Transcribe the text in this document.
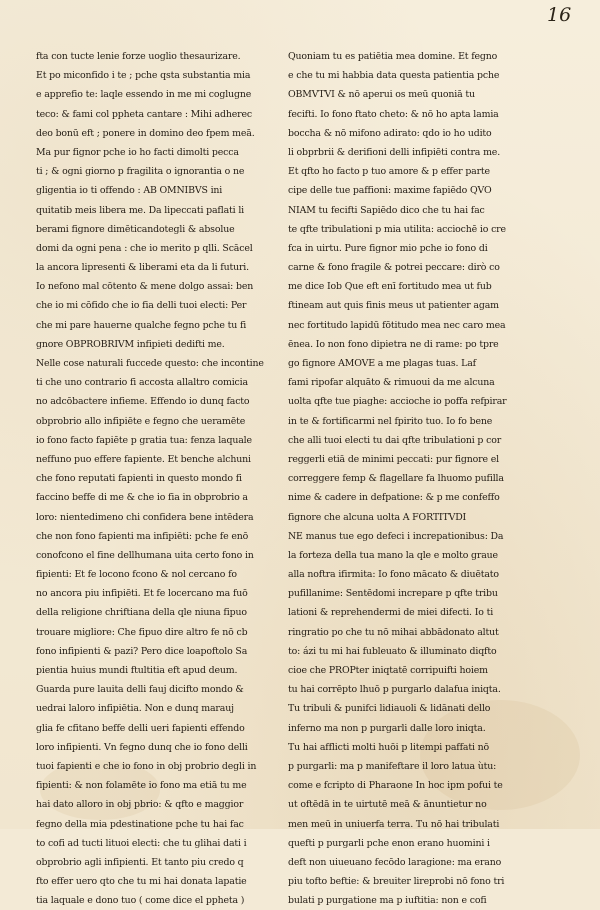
16
fta con tucte lenie forze uoglio thesaurizare.
Et po miconfido i te ; pche qsta substantia mia
e apprefio te: laqle essendo in me mi coglugne
teco: & fami col ppheta cantare : Mihi adherec
deo bonū eft ; ponere in domino deo fpem meā.
Ma pur fignor pche io ho facti dimolti pecca
ti ; & ogni giorno p fragilita o ignorantia o ne
gligentia io ti offendo : AB OMNIBVS ini
quitatib meis libera me. Da lipeccati paflati li
berami fignore dimēticandotegli & absolue
domi da ogni pena : che io merito p qlli. Scācel
la ancora lipresenti & liberami eta da li futuri.
Io nefono mal cōtento & mene dolgo assai: ben
che io mi cōfido che io fia delli tuoi electi: Per
che mi pare hauerne qualche fegno pche tu fi
gnore OBPROBRIVM infipieti dedifti me.
Nelle cose naturali fuccede questo: che incontine
ti che uno contrario fi accosta allaltro comicia
no adcōbactere infieme. Effendo io dunq facto
obprobrio allo infipiēte e fegno che ueramēte
io fono facto fapiēte p gratia tua: fenza laquale
neffuno puo effere fapiente. Et benche alchuni
che fono reputati fapienti in questo mondo fi
faccino beffe di me & che io fia in obprobrio a
loro: nientedimeno chi confidera bene intēdera
che non fono fapienti ma infipiēti: pche fe enō
conofcono el fine dellhumana uita certo fono in
fipienti: Et fe locono fcono & nol cercano fo
no ancora piu infipiēti. Et fe locercano ma fuō
della religione chriftiana della qle niuna fipuo
trouare migliore: Che fipuo dire altro fe nō cb
fono infipienti & pazi? Pero dice loapoftolo Sa
pientia huius mundi ftultitia eft apud deum.
Guarda pure lauita delli fauj dicifto mondo &
uedrai laloro infipiētia. Non e dunq marauj
glia fe cfitano beffe delli ueri fapienti effendo
loro infipienti. Vn fegno dunq che io fono delli
tuoi fapienti e che io fono in obj probrio degli in
fipienti: & non folamēte io fono ma etiā tu me
hai dato alloro in obj pbrio: & qfto e maggior
fegno della mia pdestinatione pche tu hai fac
to cofi ad tucti lituoi electi: che tu glihai dati i
obprobrio agli infipienti. Et tanto piu credo q
fto effer uero qto che tu mi hai donata lapatie
tia laquale e dono tuo ( come dice el ppheta )
Quoniam tu es patiētia mea domine. Et fegno
e che tu mi habbia data questa patientia pche
OBMVTVI & nō aperui os meū quoniā tu
fecifti. Io fono ftato cheto: & nō ho apta lamia
boccha & nō mifono adirato: qdo io ho udito
li obprbrii & derifioni delli infipiēti contra me.
Et qfto ho facto p tuo amore & p effer parte
cipe delle tue paffioni: maxime fapiēdo QVO
NIAM tu fecifti Sapiēdo dico che tu hai fac
te qfte tribulationi p mia utilita: acciochē io cre
fca in uirtu. Pure fignor mio pche io fono di
carne & fono fragile & potrei peccare: dirò co
me dice Iob Que eft enī fortitudo mea ut fub
ftineam aut quis finis meus ut patienter agam
nec fortitudo lapidū fōtitudo mea nec caro mea
ēnea. Io non fono dipietra ne di rame: po tpre
go fignore AMOVE a me plagas tuas. Laf
fami ripofar alquāto & rimuoui da me alcuna
uolta qfte tue piaghe: accioche io poffa refpirar
in te & fortificarmi nel fpirito tuo. Io fo bene
che alli tuoi electi tu dai qfte tribulationi p cor
reggerli etiā de minimi peccati: pur fignore el
correggere femp & flagellare fa lhuomo pufilla
nime & cadere in defpatione: & p me confeffo
fignore che alcuna uolta A FORTITVDI
NE manus tue ego defeci i increpationibus: Da
la forteza della tua mano la qle e molto graue
alla noftra ifirmita: Io fono mācato & diuētato
pufillanime: Sentēdomi increpare p qfte tribu
lationi & reprehendermi de miei difecti. Io ti
ringratio po che tu nō mihai abbādonato altut
to: ázi tu mi hai fubleuato & illuminato diqfto
cioe che PROPter iniqtatē corripuifti hoiem
tu hai corrēpto lhuō p purgarlo dalafua iniqta.
Tu tribuli & punifci lidiauoli & lidānati dello
inferno ma non p purgarli dalle loro iniqta.
Tu hai afflicti molti huōi p litempi paffati nō
p purgarli: ma p manifeftare il loro latua ùtu:
come e fcripto di Pharaone In hoc ipm pofui te
ut oftēdā in te uirtutē meā & ānuntietur no
men meū in uniuerfa terra. Tu nō hai tribulati
quefti p purgarli pche enon erano huomini i
deft non uiueuano fecōdo laragione: ma erano
piu tofto beftie: & breuiter lireprobi nō fono tri
bulati p purgatione ma p iuftitia: non e cofi
